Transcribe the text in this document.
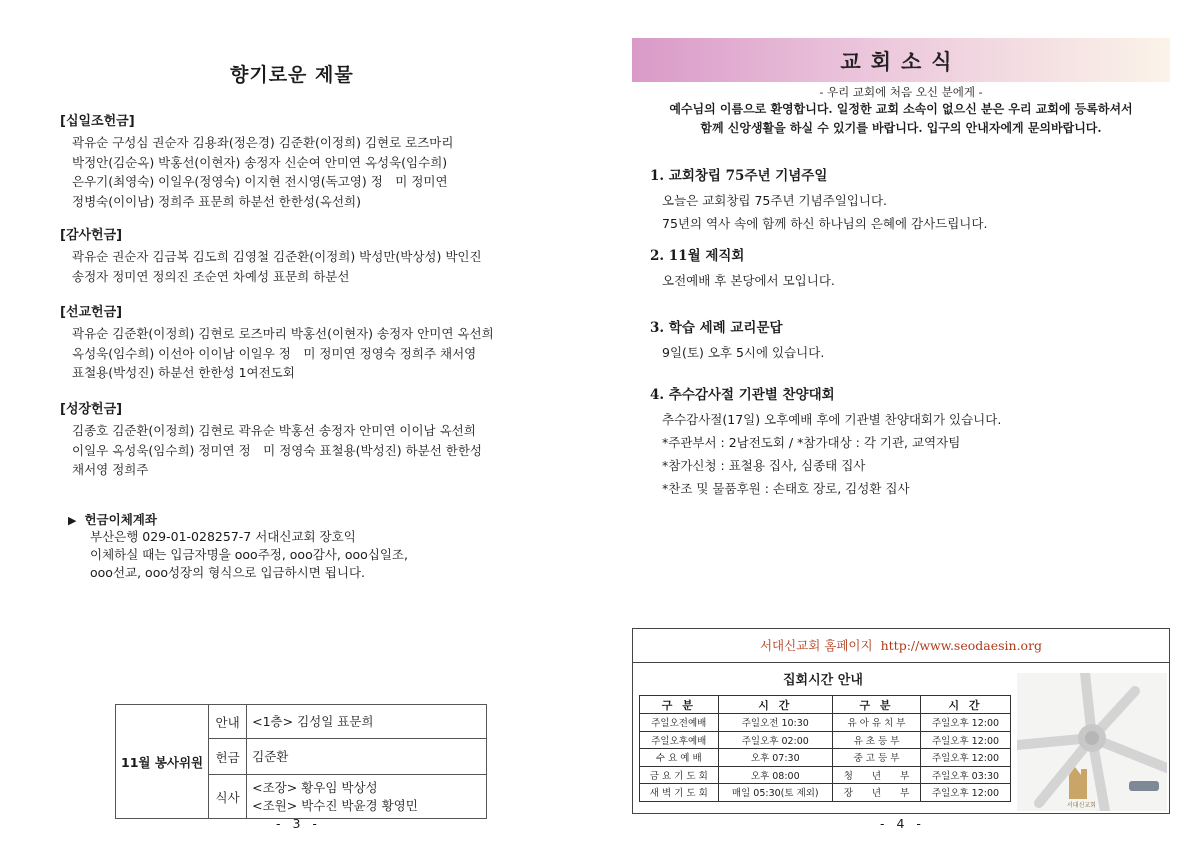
향기로운 제물
[십일조헌금]
곽유순 구성심 권순자 김용좌(정은경) 김준환(이정희) 김현로 로즈마리
박정안(김순옥) 박홍선(이현자) 송정자 신순여 안미연 옥성욱(임수희)
은우기(최영숙) 이일우(정영숙) 이지현 전시영(독고영) 정　미 정미연
정병숙(이이남) 정희주 표문희 하분선 한한성(옥선희)
[감사헌금]
곽유순 권순자 김금복 김도희 김영철 김준환(이정희) 박성만(박상성) 박인진
송정자 정미연 정의진 조순연 차예성 표문희 하분선
[선교헌금]
곽유순 김준환(이정희) 김현로 로즈마리 박홍선(이현자) 송정자 안미연 옥선희
옥성욱(임수희) 이선아 이이남 이일우 정　미 정미연 정영숙 정희주 채서영
표철용(박성진) 하분선 한한성 1여전도회
[성장헌금]
김종호 김준환(이정희) 김현로 곽유순 박홍선 송정자 안미연 이이남 옥선희
이일우 옥성욱(임수희) 정미연 정　미 정영숙 표철용(박성진) 하분선 한한성
채서영 정희주
▶ 헌금이체계좌
부산은행 029-01-028257-7 서대신교회 장호익
이체하실 때는 입금자명을 ooo주정, ooo감사, ooo십일조,
ooo선교, ooo성장의 형식으로 입금하시면 됩니다.
11월 봉사위원	안내	<1층> 김성일 표문희
	헌금	김준환
	식사	<조장> 황우임 박상성
<조원> 박수진 박윤경 황영민
- 3 -
교회소식
- 우리 교회에 처음 오신 분에게 -
예수님의 이름으로 환영합니다. 일정한 교회 소속이 없으신 분은 우리 교회에 등록하셔서
함께 신앙생활을 하실 수 있기를 바랍니다. 입구의 안내자에게 문의바랍니다.
1. 교회창립 75주년 기념주일
오늘은 교회창립 75주년 기념주일입니다.
75년의 역사 속에 함께 하신 하나님의 은혜에 감사드립니다.
2. 11월 제직회
오전예배 후 본당에서 모입니다.
3. 학습 세례 교리문답
9일(토) 오후 5시에 있습니다.
4. 추수감사절 기관별 찬양대회
추수감사절(17일) 오후예배 후에 기관별 찬양대회가 있습니다.
*주관부서 : 2남전도회 / *참가대상 : 각 기관, 교역자팀
*참가신청 : 표철용 집사, 심종태 집사
*찬조 및 물품후원 : 손태호 장로, 김성환 집사
서대신교회 홈페이지 http://www.seodaesin.org
집회시간 안내
구 분	시 간	구 분	시 간
주일오전예배	주일오전 10:30	유 아 유 치 부	주일오후 12:00
주일오후예배	주일오후 02:00	유 초 등 부	주일오후 12:00
수 요 예 배	오후 07:30	중 고 등 부	주일오후 12:00
금 요 기 도 회	오후 08:00	청　　년　　부	주일오후 03:30
새 벽 기 도 회	매일 05:30(토 제외)	장　　년　　부	주일오후 12:00
서대신교회
- 4 -
